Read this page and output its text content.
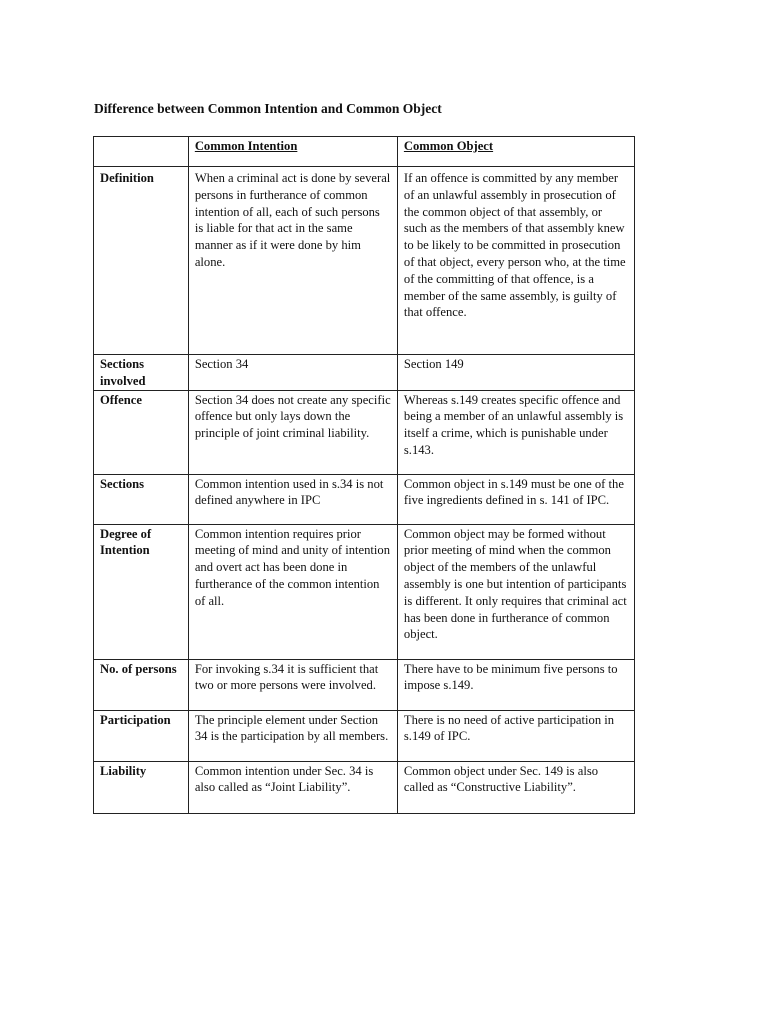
Difference between Common Intention and Common Object
	Common Intention	Common Object
Definition	When a criminal act is done by several persons in furtherance of common intention of all, each of such persons is liable for that act in the same manner as if it were done by him alone.	If an offence is committed by any member of an unlawful assembly in prosecution of the common object of that assembly, or such as the members of that assembly knew to be likely to be committed in prosecution of that object, every person who, at the time of the committing of that offence, is a member of the same assembly, is guilty of that offence.
Sections involved	Section 34	Section 149
Offence	Section 34 does not create any specific offence but only lays down the principle of joint criminal liability.	Whereas s.149 creates specific offence and being a member of an unlawful assembly is itself a crime, which is punishable under s.143.
Sections	Common intention used in s.34 is not defined anywhere in IPC	Common object in s.149 must be one of the five ingredients defined in s. 141 of IPC.
Degree of Intention	Common intention requires prior meeting of mind and unity of intention and overt act has been done in furtherance of the common intention of all.	Common object may be formed without prior meeting of mind when the common object of the members of the unlawful assembly is one but intention of participants is different. It only requires that criminal act has been done in furtherance of common object.
No. of persons	For invoking s.34 it is sufficient that two or more persons were involved.	There have to be minimum five persons to impose s.149.
Participation	The principle element under Section 34 is the participation by all members.	There is no need of active participation in s.149 of IPC.
Liability	Common intention under Sec. 34 is also called as “Joint Liability”.	Common object under Sec. 149 is also called as “Constructive Liability”.
